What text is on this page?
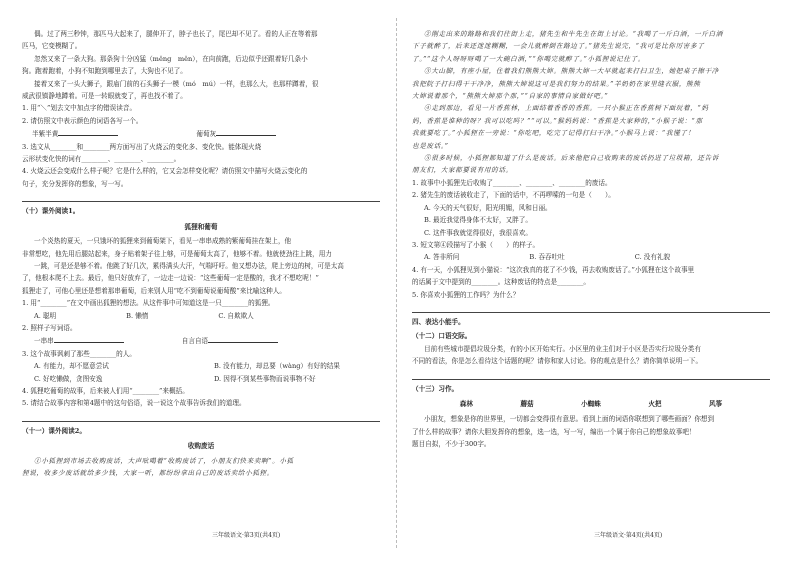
偶。过了两三秒钟，那匹马大起来了，腿伸开了，脖子也长了，尾巴却不见了。看的人正在等着那

匹马，它变模糊了。

忽然又来了一条大狗。那条狗十分凶猛（měng　měn），在向前跑，后边似乎还跟着好几条小

狗。跑着跑着，小狗不知跑到哪里去了，大狗也不见了。

接着又来了一头大狮子，跟庙门前的石头狮子一模（mó　mú）一样，也那么大，也那样蹲着，很

威武很镇静地蹲着。可是一转眼就变了，再也找不着了。

1. 用“＼”划去文中加点字的错误读音。

2. 请仿照文中表示颜色的词语各写一个。

半紫半黄	葡萄灰

3. 选文从________和________两方面写出了火烧云的变化多、变化快。能体现火烧

云形状变化快的词有________、________、________。

4. 火烧云还会变成什么样子呢？它是什么样的，它又会怎样变化呢？请仿照文中描写火烧云变化的

句子，充分发挥你的想象，写一写。

（十）课外阅读1。

狐狸和葡萄

一个炎热的夏天，一只饿坏的狐狸来到葡萄架下，看见一串串成熟的紫葡萄挂在架上，他

非常想吃，他先用后腿站起来，身子贴着架子往上够，可是葡萄太高了，他够不着。他就使劲往上跳，用力

一跳，可是还是够不着。他跳了好几次，累得满头大汗，气喘吁吁。他又想办法，爬上旁边的树，可是太高

了，他根本爬不上去。最后，他只好放弃了，一边走一边说：“这些葡萄一定是酸的，我才不想吃呢！”

狐狸走了，可他心里还是想着那串葡萄，后来别人用“吃不到葡萄说葡萄酸”来比喻这种人。

1. 用“________”在文中画出狐狸的想法。从这件事中可知道这是一只________的狐狸。

A. 聪明	B. 懒惰	C. 自欺欺人

2. 照样子写词语。

一串串	自言自语

3. 这个故事讽刺了那些________的人。

A. 有能力，却不愿意尝试	B. 没有能力，却总要（wàng）有好的结果
C. 好吃懒做，贪图安逸	D. 因得不到某些事物而说事物不好

4. 狐狸吃葡萄的故事，后来被人们用“________”来概括。

5. 请结合故事内容和第4题中的这句俗语，说一说这个故事告诉我们的道理。

（十一）课外阅读2。

收购废话

①小狐狸到市场去收购废话，大声吆喝着“收购废话了，小朋友们快来卖啊”。小狐

狸说，收多少废话就给多少钱，大家一听，都纷纷拿出自己的废话卖给小狐狸。

三年级语文·第3页(共4页)

②刚走出来的路路和我们往街上走，猪先生和牛先生在街上讨论。“我喝了一斤白酒，一斤白酒

下子就醉了，后来还迷迷糊糊，一会儿就醉倒在路边了。”猪先生说完，“我可是比你厉害多了

了。”“这个人呀呀呀喝了一大碗白酒，”“你喝完就醉了。”小狐狸说记住了。

③大山脚，有座小屋，住着我们熊熊大婶。熊熊大婶一大早就起来打扫卫生，她把桌子擦干净

我把院子打扫得干干净净，熊熊大婶说这可是我们努力的结果。”羊奶奶在家里缝衣服，熊熊

大婶说着那个，“熊熊大婶那个那，”“自家的事情自家做好吧。”

④走到那边，看见一片香蕉林，上面结着香香的香蕉。一只小猴正在香蕉树下面玩着，“妈

妈，香蕉是谁种的呀？我可以吃吗？”“可以。”猴妈妈说：“香蕉是大家种的，”小猴子说：“那

我就要吃了。”小狐狸在一旁说：“你吃吧，吃完了记得打扫干净。”小猴马上说：“我懂了！

也是废话。”

⑤很多时候，小狐狸都知道了什么是废话。后来他把自己收购来的废话扔进了垃圾箱，还告诉

朋友们，大家都要说有用的话。

1. 故事中小狐狸先后收购了________、________、________的废话。

2. 猪先生的废话被收走了，下面的话中，不再啰嗦的一句是（　　）。

A. 今天的天气很好，阳光明媚，风和日丽。

B. 最近我觉得身体不太好，又胖了。

C. 这件事我就觉得很好，我很喜欢。

3. 短文第④段描写了小猴（　　）的样子。

A. 答非所问	B. 吞吞吐吐	C. 没有礼貌

4. 有一天，小狐狸见到小猫说：“这次我真的花了不少钱，再去收购废话了。”小狐狸在这个故事里

的话属于文中提到的________。这种废话的特点是________。

5. 你喜欢小狐狸的工作吗？为什么？

四、表达小能手。

（十二）口语交际。

目前有些城市提倡垃圾分类，有的小区开始实行。小区里的业主们对于小区是否实行垃圾分类有

不同的看法，你是怎么看待这个话题的呢？请你和家人讨论。你的观点是什么？请你简单说明一下。

（十三）习作。

森林	蘑菇	小蜘蛛	火把	风筝

小朋友，想象是你的世界里，一切都会变得很有意思。看到上面的词语你联想到了哪些画面？你想到

了什么样的故事？请你大胆发挥你的想象，选一选，写一写，编出一个属于你自己的想象故事吧！

题目自拟，不少于300字。

三年级语文·第4页(共4页)
